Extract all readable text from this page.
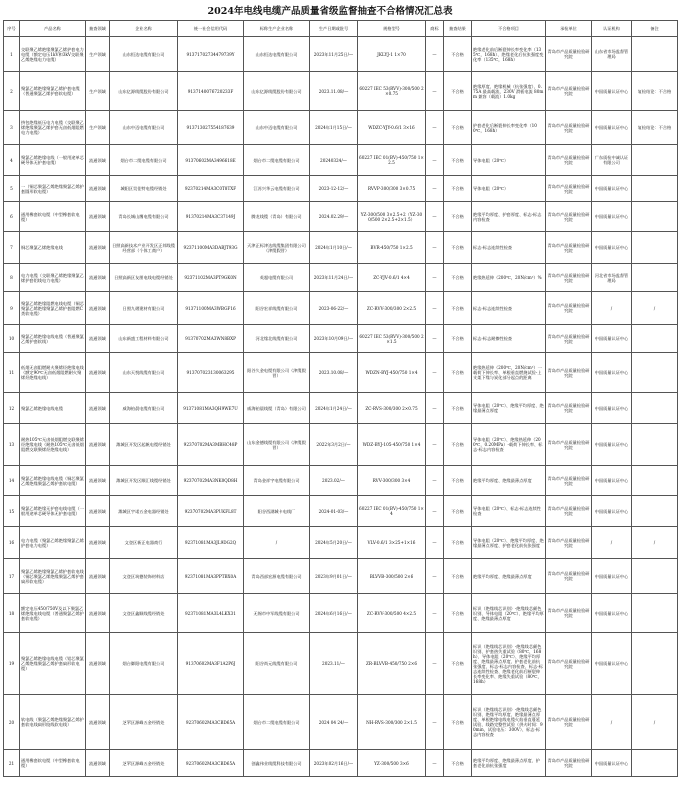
2024年电线电缆产品质量省级监督抽查不合格情况汇总表
序号	产品名称	抽查领域	企业名称	统一社会信用代码	标称生产企业名称	生产日期或批号	规格型号	商标	抽查结果	不合格项目	承检单位	认证机构	备注
1	交联聚乙烯绝缘聚氯乙烯护套电力电缆（额定电压1kV和3kV交联聚乙烯绝缘电力电缆）	生产领域	山东恒达电缆有限公司	913717027344797​39Y	山东恒达电缆有限公司	2023年11月25日/—	JKLYJ-1 1×70	—	不合格	绝缘老化前后断裂伸长率变化率（135℃，168h）、绝缘老化后抗张强度变化率（135℃，168h）	青岛市产品质量检验研究院	山东省市场监督管理局	
2	聚氯乙烯绝缘聚氯乙烯护套电缆（普通聚氯乙烯护套软电缆）	生产领域	山东亿源线缆股份有限公司	9137140076720233F	山东亿源线缆股份有限公司	2023.11.08/—	60227 IEC 53(RVV)-300/500 2×0.75	—	不合格	绝缘厚度、绝缘机械（抗张强度）、0.75A 最高载流、230V 滑板电流 80mm 兼容（载流）1.0kg	青岛市产品质量检验研究院	中国质量认证中心	复检结论：不合格
3	挤包绝缘低压电力电缆（交联聚乙烯绝缘聚氯乙烯护套无卤低烟阻燃电力电缆）	生产领域	山东中迈电缆有限公司	91371302755418763​9	山东中迈电缆有限公司	2024年1月15日/—	WDZC-YJY-0.6/1 3×16	—	不合格	护套老化后断裂伸长率变化率（100℃，168h）	青岛市产品质量检验研究院	中国质量认证中心	复检结论：不合格
4	聚氯乙烯绝缘电线（一般用途单芯硬导体无护套电缆）	流通领域	烟台市二缆电缆有限公司	91370602MA3496618E	烟台市二缆电缆有限公司	20240324/—	60227 IEC 01(BV)-450/750 1×2.5	—	不合格	导体电阻（20℃）	青岛市产品质量检验研究院	广东质检中诚认证有限公司	
5	一（铜芯聚氯乙烯绝缘聚氯乙烯护套圆形软电缆）	流通领域	城阳区昊佳特电缆经销处	92370214MA3C0T8TXF	江苏兴华云电缆有限公司	2023-12-12/—	RVVP-300/300 3×0.75	—	不合格	导体电阻（20℃）	青岛市产品质量检验研究院	中国质量认证中心	
6	通用橡套软电缆（中型橡套软电缆）	流通领域	青岛长城山鹰电缆有限公司	91370214MA3C37149J	腾龙线缆（青岛）有限公司	2024.02.29/—	YZ-300/500 3×2.5+2（YZ-300/500 2×2.5+2×1.5）	—	不合格	绝缘平均厚度、护套厚度、标志-标志内容检查	青岛市产品质量检验研究院	中国质量认证中心	
7	铜芯聚氯乙烯绝缘电线	流通领域	日照高新技术产业开发区正邦线缆经营部（个体工商户）	92371100MA3DABJT93G	天津正标津达线缆集团有限公司（津缆假冒）	2024年1月10日/—	BVR-450/750 1×2.5	—	不合格	标志-标志连续性检查	青岛市产品质量检验研究院	中国质量认证中心	
8	电力电缆（交联聚乙烯绝缘聚氯乙烯护套铝线电力电缆）	流通领域	日照高新区友朋电线电缆经销处	92371102MA3PT9GK0N	英超电缆有限公司	2023年11月24日/—	ZC-YJV-0.6/1 4×4	—	不合格	绝缘热延伸（200℃，20N/cm²）%	青岛市产品质量检验研究院	河北省市场监督管理局	
9	聚氯乙烯绝缘阻燃电线电缆（铜芯聚氯乙烯绝缘聚氯乙烯护套阻燃C类软电缆）	流通领域	日照九熠建材有限公司	91371100MA3WBGF16	阳谷宏祥线缆有限公司	2023-06-22/—	ZC-RVV-300/300 2×2.5	—	不合格	标志-标志连续性检查	青岛市产品质量检验研究院	/	/
10	聚氯乙烯绝缘电线电缆（普通聚氯乙烯护套软线）	流通领域	山东新盛工程材料有限公司	91370702MA3WN8BXP	河北缘北线缆有限公司	2023年10月09日/—	60227 IEC 53(RVV)-300/500 2×1.5	—	不合格	标志-标志耐擦性检查	青岛市产品质量检验研究院	中国质量认证中心	
11	低烟无卤阻燃耐火聚烯烃绝缘电线（额定90℃无卤低烟阻燃耐火聚烯烃绝缘电线）	流通领域	山东天悦线缆有限公司	913707023130063295	阳谷久金电缆有限公司（津缆假冒）	2023.10.08/—	WDZN-BYJ-450/750 1×4	—	不合格	绝缘热延伸（200℃，20N/cm²）一载荷下伸长率、单根垂直燃烧试验-上支架下缘与炭化部分起点的距离	青岛市产品质量检验研究院	中国质量认证中心	
12	聚氯乙烯绝缘电线电缆	流通领域	威海铂晨电缆有限公司	91371081MA3QH9WE7U	威海铂晨线缆（青岛）有限公司	2024年1月24日/—	ZC-RVS-300/300 2×0.75	—	不合格	导体电阻（20℃）、绝缘平均厚度、绝缘最薄点厚度	青岛市产品质量检验研究院	中国质量认证中心	
13	耐热105℃无卤低烟阻燃交联聚烯烃绝缘电线（耐热105℃无卤低烟阻燃交联聚烯烃绝缘电线）	流通领域	潍城区开发区起帆电缆经销处	92370702MA3MBHC48P	山东金德线缆有限公司（津缆假冒）	2022年3月2日/—	WDZ-BYJ-105-450/750 1×4	—	不合格	导体电阻（20℃）、绝缘热延伸（200℃，0.20MPa）-载荷下伸长率、标志-标志内容检查	青岛市产品质量检验研究院	中国质量认证中心	
14	聚氯乙烯绝缘电线电缆（铜芯聚氯乙烯绝缘聚氯乙烯护套软电缆）	流通领域	潍城区开发区顺汇线缆经销处	92370702MA3NK0QD8H	青岛金祥宇电缆有限公司	2023.02/—	RVV-300/300 3×4	—	不合格	绝缘平均厚度、绝缘最薄点厚度	青岛市产品质量检验研究院	中国质量认证中心	
15	聚氯乙烯绝缘无护套电线电缆（一般用途单芯硬导体无护套电缆）	流通领域	潍城区宇诺五金电器经销处	92370702MA3PUKFL8T	阳谷西湖城卡电线厂	2024-01-03/—	60227 IEC 01(BV)-450/750 1×4	—	不合格	导体电阻（20℃）、标志-标志连续性检查	青岛市产品质量检验研究院	中国质量认证中心	
16	电力电缆（聚氯乙烯绝缘聚氯乙烯护套电力电缆）	流通领域	文登区新正电器商行	92371081MA3JL9DG2Q	/	2024年5月20日/—	VLV-0.6/1 3×25+1×16	—	不合格	导体电阻（20℃）、绝缘平均厚度、绝缘最薄点厚度、护套老化前抗张强度	青岛市产品质量检验研究院	/	/
17	聚氯乙烯绝缘聚氯乙烯护套软电线（铜芯聚氯乙烯绝缘聚氯乙烯护套扁形软电缆）	流通领域	文登区筑德装饰材料店	92371081MA3PPTBX0A	青岛西部宏源电缆有限公司	2023年9月01日/—	BLVVB-300/500 2×6	—	不合格	绝缘平均厚度、绝缘最薄点厚度	青岛市产品质量检验研究院	中国质量认证中心	
18	额定电压450/750V及以下聚氯乙烯绝缘电线电缆（普通聚氯乙烯护套软电缆）	流通领域	文登区鑫顺线缆经销处	92371081MA3L4LKX31	无锡市中军线缆有限公司	2024年6月16日/—	ZC-RVV-300/500 4×2.5	—	不合格	标识（绝缘线芯识别）-绝缘线芯颜色识别、导体电阻（20℃）、绝缘平均厚度、绝缘最薄点厚度	青岛市产品质量检验研究院	中国质量认证中心	
19	聚氯乙烯绝缘电线电缆（铝芯聚氯乙烯绝缘聚氯乙烯护套扁形软电缆）	流通领域	烟台御阳电缆有限公司	91370602MA3F1A2P6J	阳谷尚元线缆有限公司	2023.11/—	ZR-BLVVB-450/750 2×6	—	不合格	标识（绝缘线芯识别）-绝缘线芯颜色识别、护套热失重试验（80℃，168h）、导体电阻（20℃）、绝缘平均厚度、绝缘最薄点厚度、护套老化前抗张强度、标志-标志内容检查、标志-标志连续性检查、绝缘老化前后断裂伸长率变化率、绝缘失重试验（80℃，168h）	青岛市产品质量检验研究院	中国质量认证中心	
20	软电线（聚氯乙烯绝缘聚氯乙烯护套软电线扁形绞线软电线）	流通领域	芝罘区源峰五金经销处	92370602MA3CBD65A	烟台市二缆电缆有限公司	2024 04 24/—	NH-RVS-300/300 2×1.5	—	不合格	标识（绝缘线芯识别）-绝缘线芯颜色识别、绝缘平均厚度、绝缘最薄点厚度、单根绝缘电线电缆火焰垂直蔓延试验、线路完整性试验（供火时间：90min，试验电压：300V）、标志-标志内容检查	青岛市产品质量检验研究院	/	/
21	通用橡套软电缆（中型橡套软电缆）	流通领域	芝罘区源峰五金经销处	92370602MA3CBD65A	创鑫伟业线缆科技有限公司	2023年02月16日/—	YZ-300/500 3×6	—	不合格	绝缘平均厚度、绝缘最薄点厚度、护套老化前抗张强度	青岛市产品质量检验研究院	中国质量认证中心	
